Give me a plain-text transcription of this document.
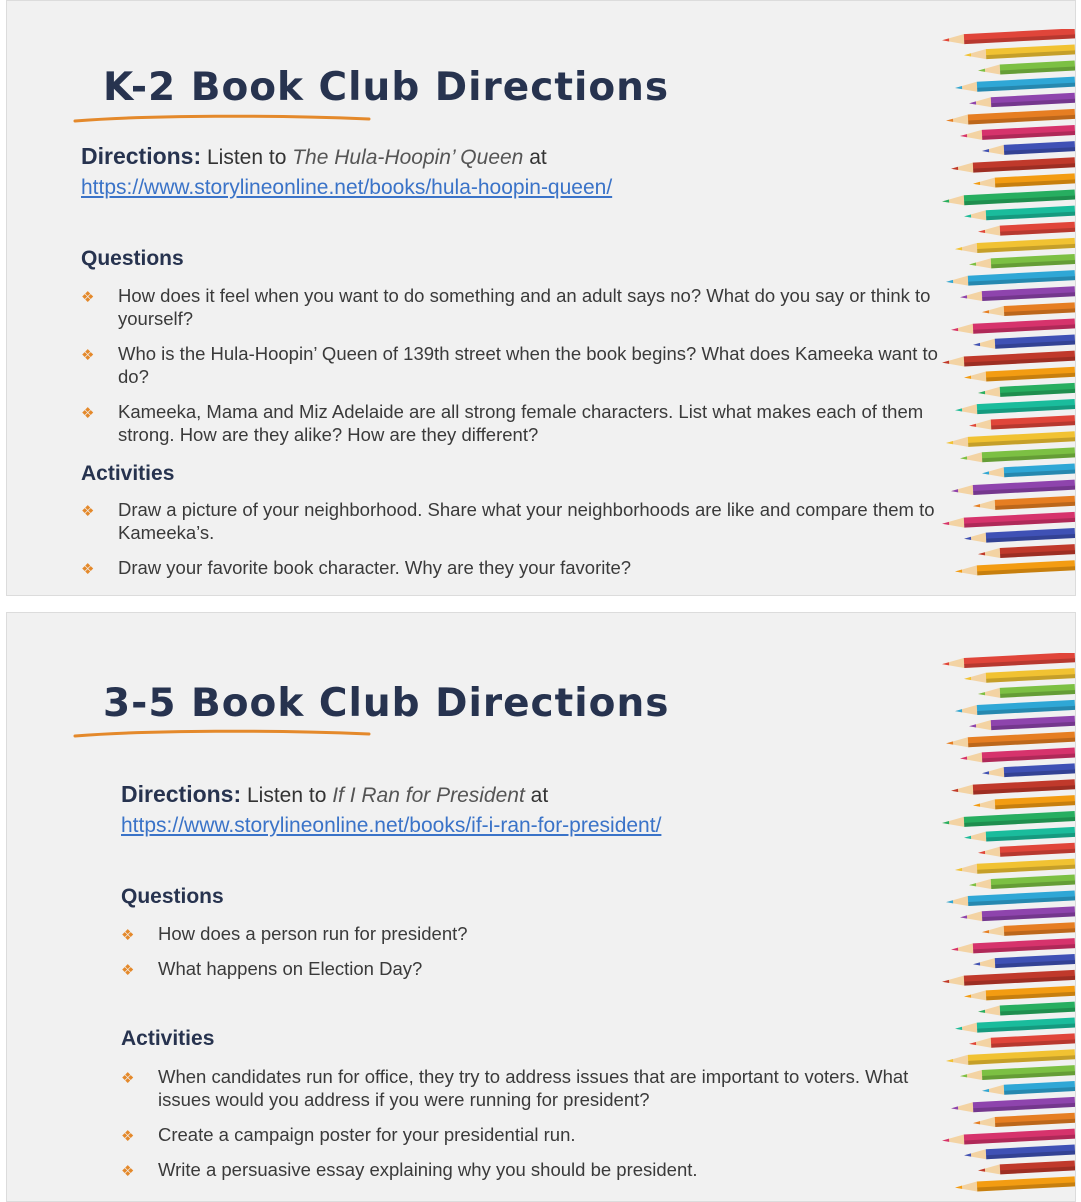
K-2 Book Club Directions

Directions: Listen to The Hula-Hoopin’ Queen at
https://www.storylineonline.net/books/hula-hoopin-queen/

Questions
❖ How does it feel when you want to do something and an adult says no? What do you say or think to yourself?
❖ Who is the Hula-Hoopin’ Queen of 139th street when the book begins? What does Kameeka want to do?
❖ Kameeka, Mama and Miz Adelaide are all strong female characters. List what makes each of them strong. How are they alike? How are they different?
Activities
❖ Draw a picture of your neighborhood. Share what your neighborhoods are like and compare them to Kameeka’s.
❖ Draw your favorite book character. Why are they your favorite?
3-5 Book Club Directions

Directions: Listen to If I Ran for President at
https://www.storylineonline.net/books/if-i-ran-for-president/

Questions
❖ How does a person run for president?
❖ What happens on Election Day?
Activities
❖ When candidates run for office, they try to address issues that are important to voters. What issues would you address if you were running for president?
❖ Create a campaign poster for your presidential run.
❖ Write a persuasive essay explaining why you should be president.
